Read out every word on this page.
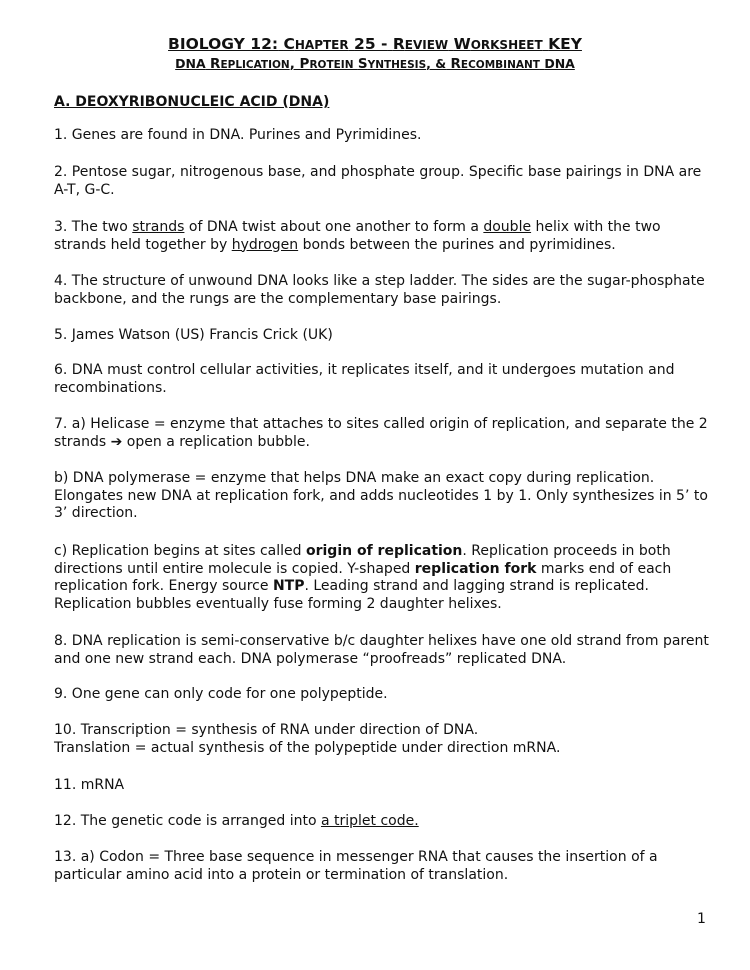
BIOLOGY 12: CHAPTER 25 - REVIEW WORKSHEET KEY
DNA REPLICATION, PROTEIN SYNTHESIS, & RECOMBINANT DNA

A. DEOXYRIBONUCLEIC ACID (DNA)

1. Genes are found in DNA. Purines and Pyrimidines.

2. Pentose sugar, nitrogenous base, and phosphate group. Specific base pairings in DNA are A-T, G-C.

3. The two strands of DNA twist about one another to form a double helix with the two strands held together by hydrogen bonds between the purines and pyrimidines.

4. The structure of unwound DNA looks like a step ladder. The sides are the sugar-phosphate backbone, and the rungs are the complementary base pairings.

5. James Watson (US) Francis Crick (UK)

6. DNA must control cellular activities, it replicates itself, and it undergoes mutation and recombinations.

7. a) Helicase = enzyme that attaches to sites called origin of replication, and separate the 2 strands ➔ open a replication bubble.

b) DNA polymerase = enzyme that helps DNA make an exact copy during replication. Elongates new DNA at replication fork, and adds nucleotides 1 by 1. Only synthesizes in 5’ to 3’ direction.

c) Replication begins at sites called origin of replication. Replication proceeds in both directions until entire molecule is copied. Y-shaped replication fork marks end of each replication fork. Energy source NTP. Leading strand and lagging strand is replicated. Replication bubbles eventually fuse forming 2 daughter helixes.

8. DNA replication is semi-conservative b/c daughter helixes have one old strand from parent and one new strand each. DNA polymerase “proofreads” replicated DNA.

9. One gene can only code for one polypeptide.

10. Transcription = synthesis of RNA under direction of DNA.

Translation = actual synthesis of the polypeptide under direction mRNA.

11. mRNA

12. The genetic code is arranged into a triplet code.

13. a) Codon = Three base sequence in messenger RNA that causes the insertion of a particular amino acid into a protein or termination of translation.

1
